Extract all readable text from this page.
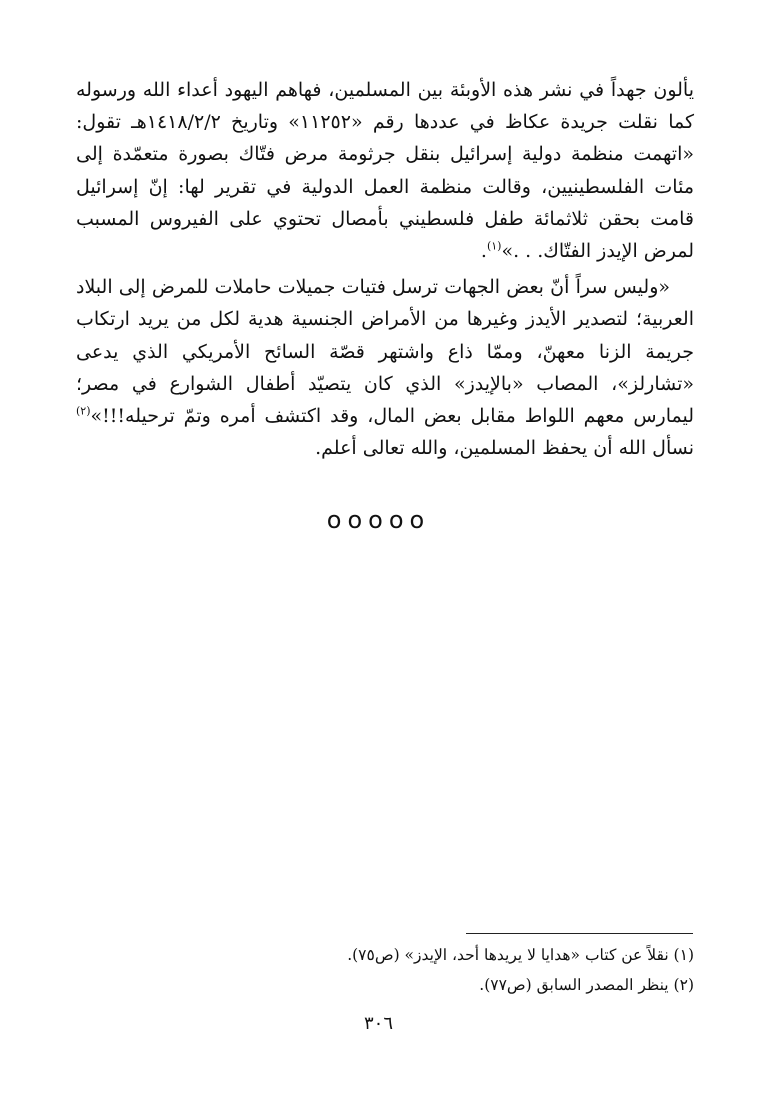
يألون جهداً في نشر هذه الأوبئة بين المسلمين، فهاهم اليهود أعداء الله ورسوله كما نقلت جريدة عكاظ في عددها رقم «١١٢٥٢» وتاريخ ١٤١٨/٢/٢هـ تقول: «اتهمت منظمة دولية إسرائيل بنقل جرثومة مرض فتّاك بصورة متعمّدة إلى مئات الفلسطينيين، وقالت منظمة العمل الدولية في تقرير لها: إنّ إسرائيل قامت بحقن ثلاثمائة طفل فلسطيني بأمصال تحتوي على الفيروس المسبب لمرض الإيدز الفتّاك. . .»$^{(١)}$.

«وليس سراً أنّ بعض الجهات ترسل فتيات جميلات حاملات للمرض إلى البلاد العربية؛ لتصدير الأيدز وغيرها من الأمراض الجنسية هدية لكل من يريد ارتكاب جريمة الزنا معهنّ، وممّا ذاع واشتهر قصّة السائح الأمريكي الذي يدعى «تشارلز»، المصاب «بالإيدز» الذي كان يتصيّد أطفال الشوارع في مصر؛ ليمارس معهم اللواط مقابل بعض المال، وقد اكتشف أمره وتمّ ترحيله!!!»$^{(٢)}$ نسأل الله أن يحفظ المسلمين، والله تعالى أعلم.

ooooo

(١) نقلاً عن كتاب «هدايا لا يريدها أحد، الإيدز» (ص٧٥).

(٢) ينظر المصدر السابق (ص٧٧).

٣٠٦
